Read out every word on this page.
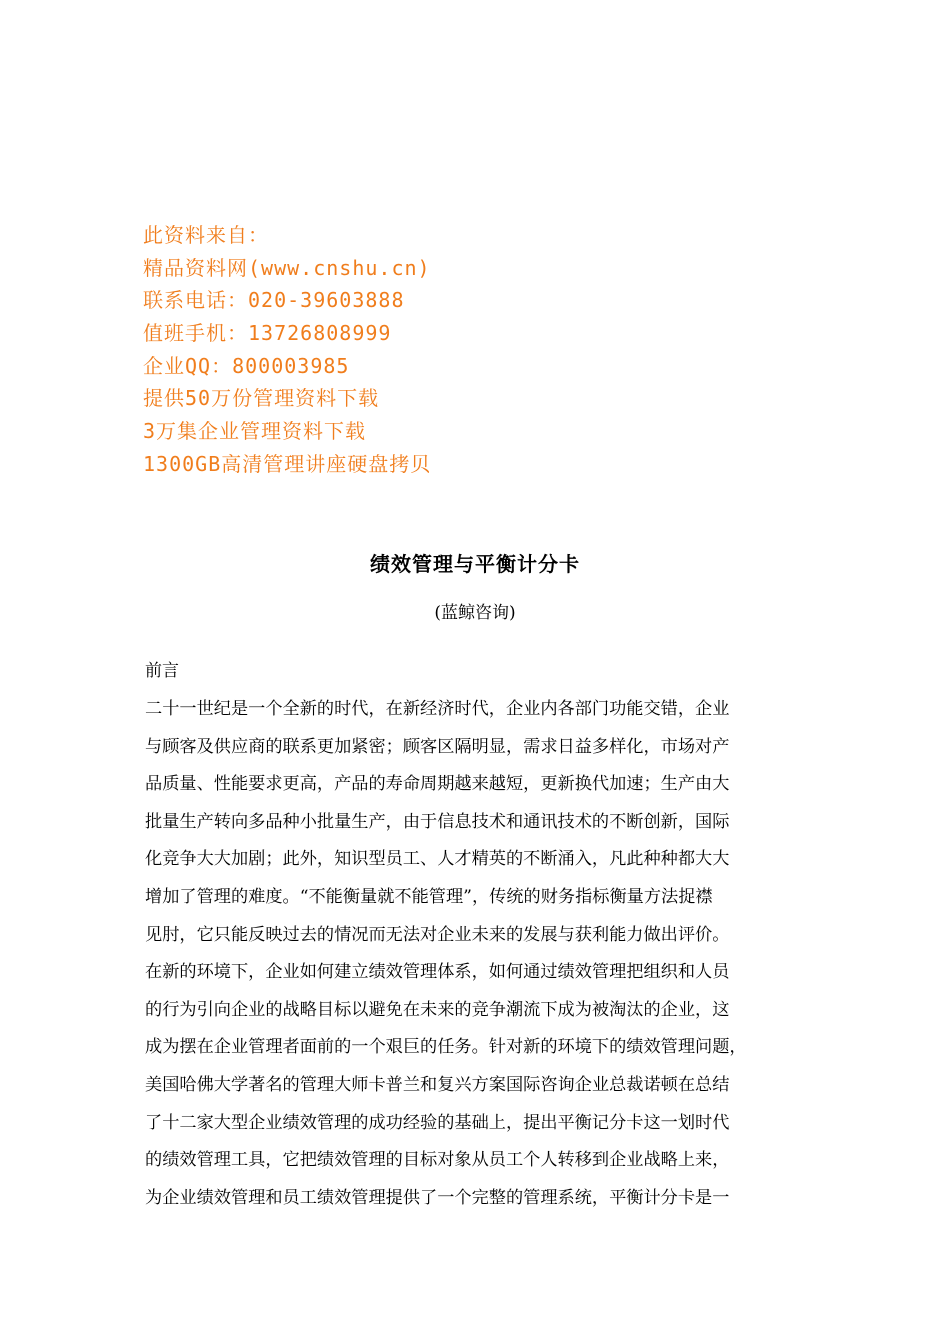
此资料来自：
精品资料网(www.cnshu.cn)
联系电话：020-39603888
值班手机：13726808999
企业QQ：800003985
提供50万份管理资料下载
3万集企业管理资料下载
1300GB高清管理讲座硬盘拷贝
绩效管理与平衡计分卡
(蓝鲸咨询)
前言
二十一世纪是一个全新的时代，在新经济时代，企业内各部门功能交错，企业
与顾客及供应商的联系更加紧密；顾客区隔明显，需求日益多样化，市场对产
品质量、性能要求更高，产品的寿命周期越来越短，更新换代加速；生产由大
批量生产转向多品种小批量生产，由于信息技术和通讯技术的不断创新，国际
化竞争大大加剧；此外，知识型员工、人才精英的不断涌入，凡此种种都大大
增加了管理的难度。“不能衡量就不能管理”，传统的财务指标衡量方法捉襟
见肘，它只能反映过去的情况而无法对企业未来的发展与获利能力做出评价。
在新的环境下，企业如何建立绩效管理体系，如何通过绩效管理把组织和人员
的行为引向企业的战略目标以避免在未来的竞争潮流下成为被淘汰的企业，这
成为摆在企业管理者面前的一个艰巨的任务。针对新的环境下的绩效管理问题，
美国哈佛大学著名的管理大师卡普兰和复兴方案国际咨询企业总裁诺顿在总结
了十二家大型企业绩效管理的成功经验的基础上，提出平衡记分卡这一划时代
的绩效管理工具，它把绩效管理的目标对象从员工个人转移到企业战略上来，
为企业绩效管理和员工绩效管理提供了一个完整的管理系统，平衡计分卡是一
